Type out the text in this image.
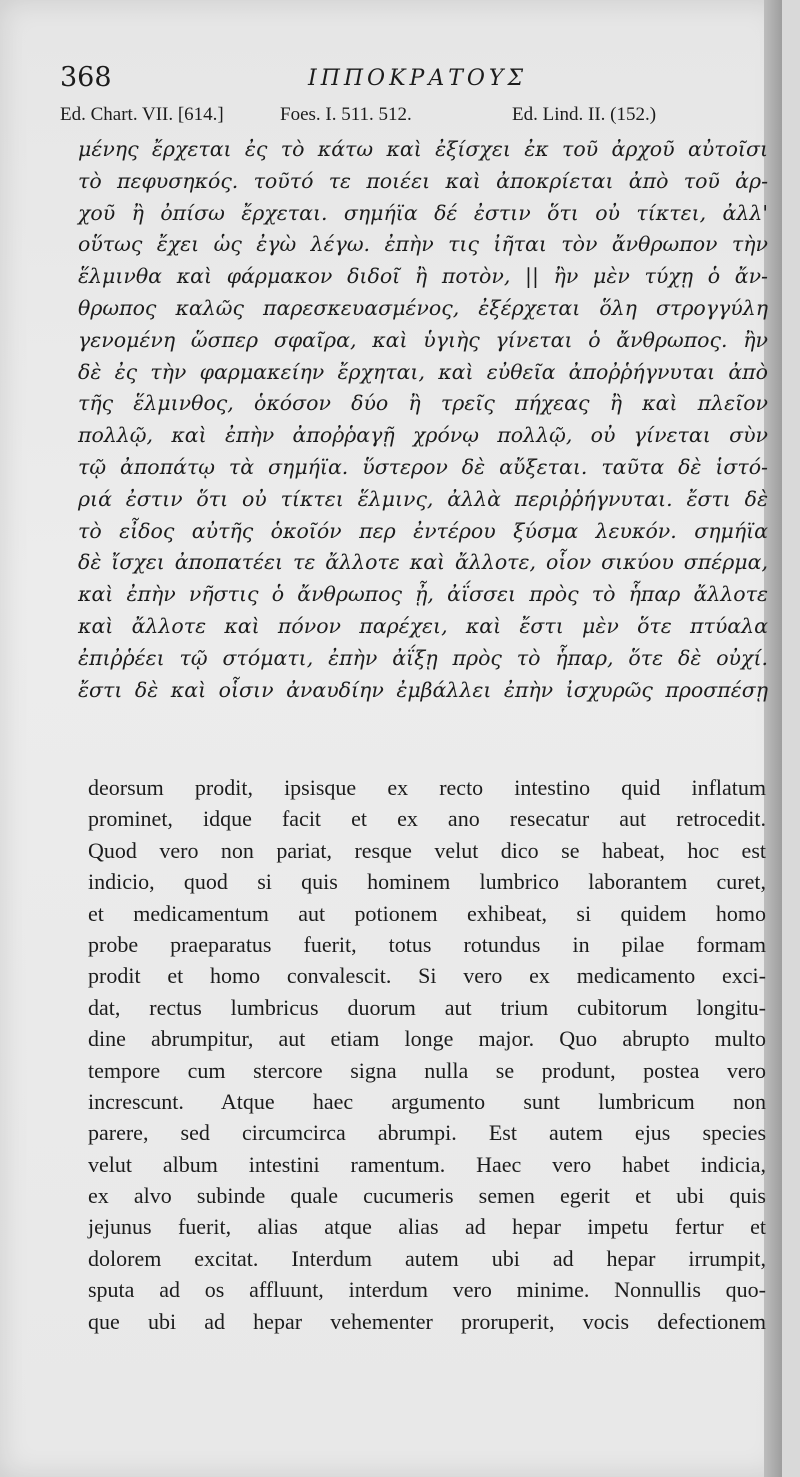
368	ΙΠΠΟΚΡΑΤΟΥΣ
Ed. Chart. VII. [614.]	Foes. I. 511. 512.	Ed. Lind. II. (152.)
μένης ἔρχεται ἐς τὸ κάτω καὶ ἐξίσχει ἐκ τοῦ ἀρχοῦ αὐτοῖσι
τὸ πεφυσηκός. τοῦτό τε ποιέει καὶ ἀποκρίεται ἀπὸ τοῦ ἀρ-
χοῦ ἢ ὀπίσω ἔρχεται. σημήϊα δέ ἐστιν ὅτι οὐ τίκτει, ἀλλ'
οὕτως ἔχει ὡς ἐγὼ λέγω. ἐπὴν τις ἰῆται τὸν ἄνθρωπον τὴν
ἕλμινθα καὶ φάρμακον διδοῖ ἢ ποτὸν, || ἢν μὲν τύχῃ ὁ ἄν-
θρωπος καλῶς παρεσκευασμένος, ἐξέρχεται ὅλη στρογγύλη
γενομένη ὥσπερ σφαῖρα, καὶ ὑγιὴς γίνεται ὁ ἄνθρωπος. ἢν
δὲ ἐς τὴν φαρμακείην ἔρχηται, καὶ εὐθεῖα ἀποῤῥήγνυται ἀπὸ
τῆς ἕλμινθος, ὁκόσον δύο ἢ τρεῖς πήχεας ἢ καὶ πλεῖον
πολλῷ, καὶ ἐπὴν ἀποῤῥαγῇ χρόνῳ πολλῷ, οὐ γίνεται σὺν
τῷ ἀποπάτῳ τὰ σημήϊα. ὕστερον δὲ αὔξεται. ταῦτα δὲ ἱστό-
ριά ἐστιν ὅτι οὐ τίκτει ἕλμινς, ἀλλὰ περιῤῥήγνυται. ἔστι δὲ
τὸ εἶδος αὐτῆς ὁκοῖόν περ ἐντέρου ξύσμα λευκόν. σημήϊα
δὲ ἴσχει ἀποπατέει τε ἄλλοτε καὶ ἄλλοτε, οἷον σικύου σπέρμα,
καὶ ἐπὴν νῆστις ὁ ἄνθρωπος ᾖ, ἀΐσσει πρὸς τὸ ἧπαρ ἄλλοτε
καὶ ἄλλοτε καὶ πόνον παρέχει, καὶ ἔστι μὲν ὅτε πτύαλα
ἐπιῤῥέει τῷ στόματι, ἐπὴν ἀΐξῃ πρὸς τὸ ἧπαρ, ὅτε δὲ οὐχί.
ἔστι δὲ καὶ οἷσιν ἀναυδίην ἐμβάλλει ἐπὴν ἰσχυρῶς προσπέσῃ
deorsum prodit, ipsisque ex recto intestino quid inflatum
prominet, idque facit et ex ano resecatur aut retrocedit.
Quod vero non pariat, resque velut dico se habeat, hoc est
indicio, quod si quis hominem lumbrico laborantem curet,
et medicamentum aut potionem exhibeat, si quidem homo
probe praeparatus fuerit, totus rotundus in pilae formam
prodit et homo convalescit. Si vero ex medicamento exci-
dat, rectus lumbricus duorum aut trium cubitorum longitu-
dine abrumpitur, aut etiam longe major. Quo abrupto multo
tempore cum stercore signa nulla se produnt, postea vero
increscunt. Atque haec argumento sunt lumbricum non
parere, sed circumcirca abrumpi. Est autem ejus species
velut album intestini ramentum. Haec vero habet indicia,
ex alvo subinde quale cucumeris semen egerit et ubi quis
jejunus fuerit, alias atque alias ad hepar impetu fertur et
dolorem excitat. Interdum autem ubi ad hepar irrumpit,
sputa ad os affluunt, interdum vero minime. Nonnullis quo-
que ubi ad hepar vehementer proruperit, vocis defectionem
